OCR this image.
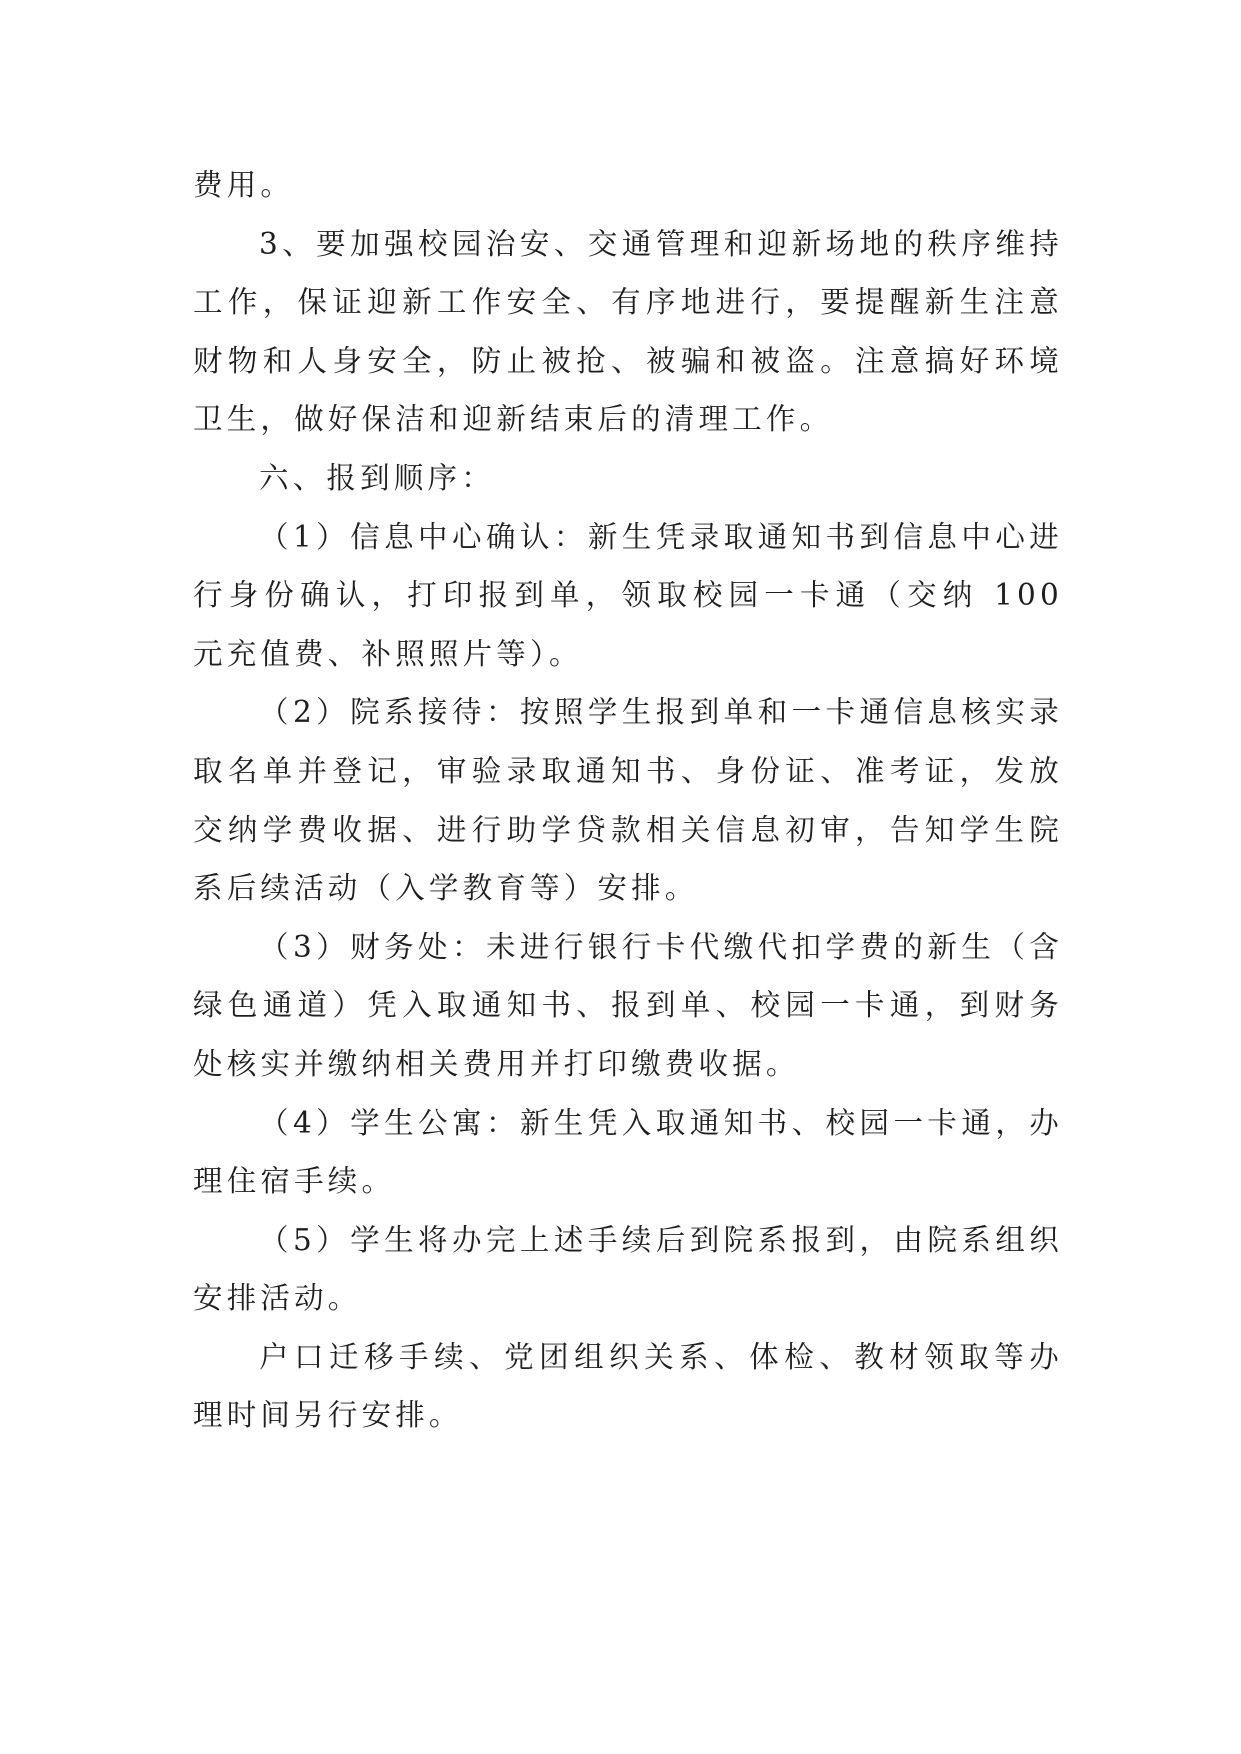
费用。

3、要加强校园治安、交通管理和迎新场地的秩序维持工作，保证迎新工作安全、有序地进行，要提醒新生注意财物和人身安全，防止被抢、被骗和被盗。注意搞好环境卫生，做好保洁和迎新结束后的清理工作。

六、报到顺序：

（1）信息中心确认：新生凭录取通知书到信息中心进行身份确认，打印报到单，领取校园一卡通（交纳 100 元充值费、补照照片等）。

（2）院系接待：按照学生报到单和一卡通信息核实录取名单并登记，审验录取通知书、身份证、准考证，发放交纳学费收据、进行助学贷款相关信息初审，告知学生院系后续活动（入学教育等）安排。

（3）财务处：未进行银行卡代缴代扣学费的新生（含绿色通道）凭入取通知书、报到单、校园一卡通，到财务处核实并缴纳相关费用并打印缴费收据。

（4）学生公寓：新生凭入取通知书、校园一卡通，办理住宿手续。

（5）学生将办完上述手续后到院系报到，由院系组织安排活动。

户口迁移手续、党团组织关系、体检、教材领取等办理时间另行安排。
